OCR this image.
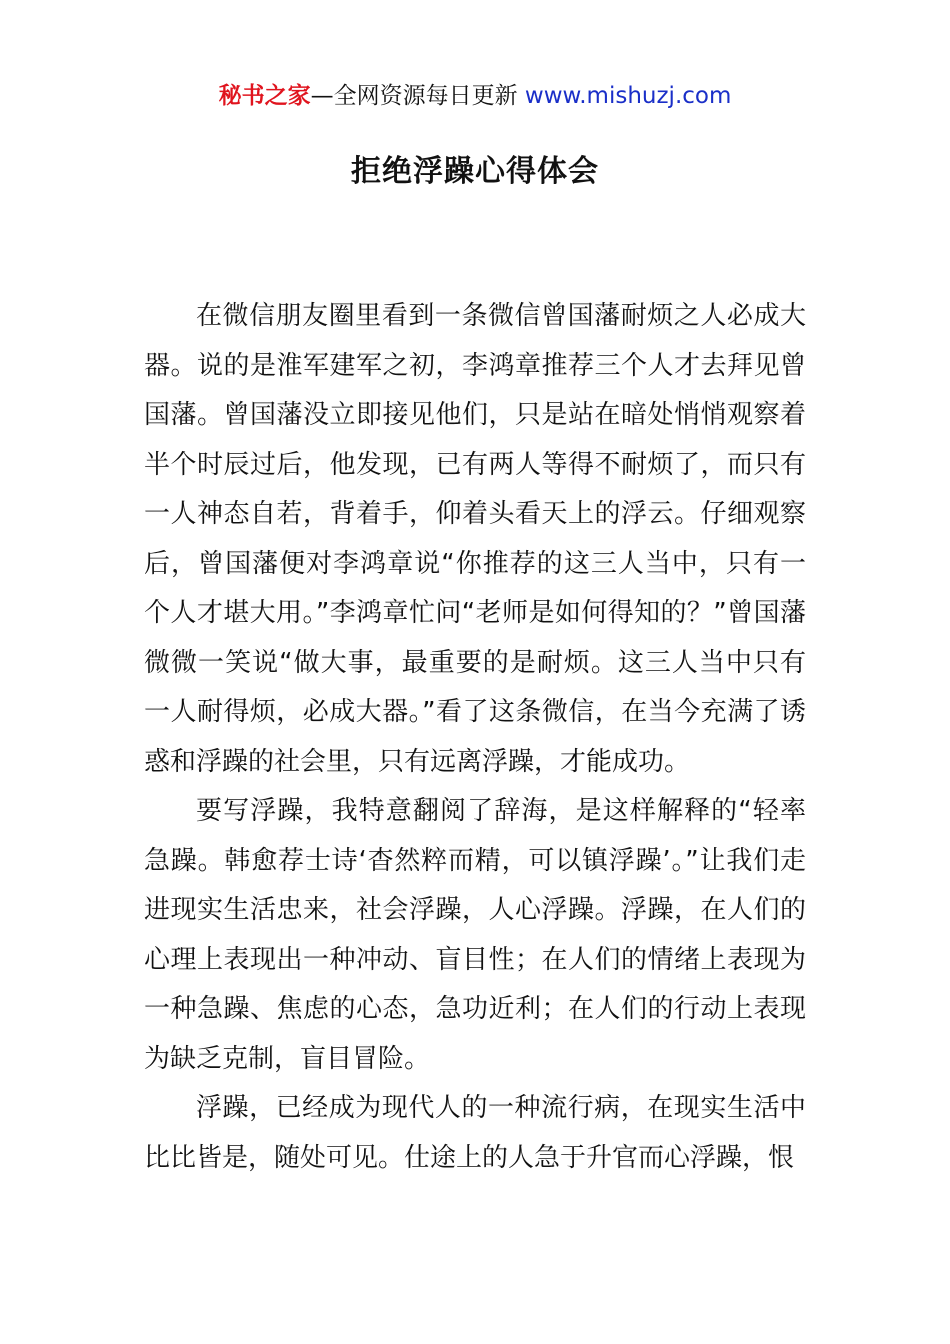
秘书之家—全网资源每日更新 www.mishuzj.com
拒绝浮躁心得体会

在微信朋友圈里看到一条微信曾国藩耐烦之人必成大器。说的是淮军建军之初，李鸿章推荐三个人才去拜见曾国藩。曾国藩没立即接见他们，只是站在暗处悄悄观察着半个时辰过后，他发现，已有两人等得不耐烦了，而只有一人神态自若，背着手，仰着头看天上的浮云。仔细观察后，曾国藩便对李鸿章说“你推荐的这三人当中，只有一个人才堪大用。”李鸿章忙问“老师是如何得知的？”曾国藩微微一笑说“做大事，最重要的是耐烦。这三人当中只有一人耐得烦，必成大器。”看了这条微信，在当今充满了诱惑和浮躁的社会里，只有远离浮躁，才能成功。

要写浮躁，我特意翻阅了辞海，是这样解释的“轻率急躁。韩愈荐士诗‘杳然粹而精，可以镇浮躁’。”让我们走进现实生活忠来，社会浮躁，人心浮躁。浮躁，在人们的心理上表现出一种冲动、盲目性；在人们的情绪上表现为一种急躁、焦虑的心态，急功近利；在人们的行动上表现为缺乏克制，盲目冒险。

浮躁，已经成为现代人的一种流行病，在现实生活中比比皆是，随处可见。仕途上的人急于升官而心浮躁，恨
